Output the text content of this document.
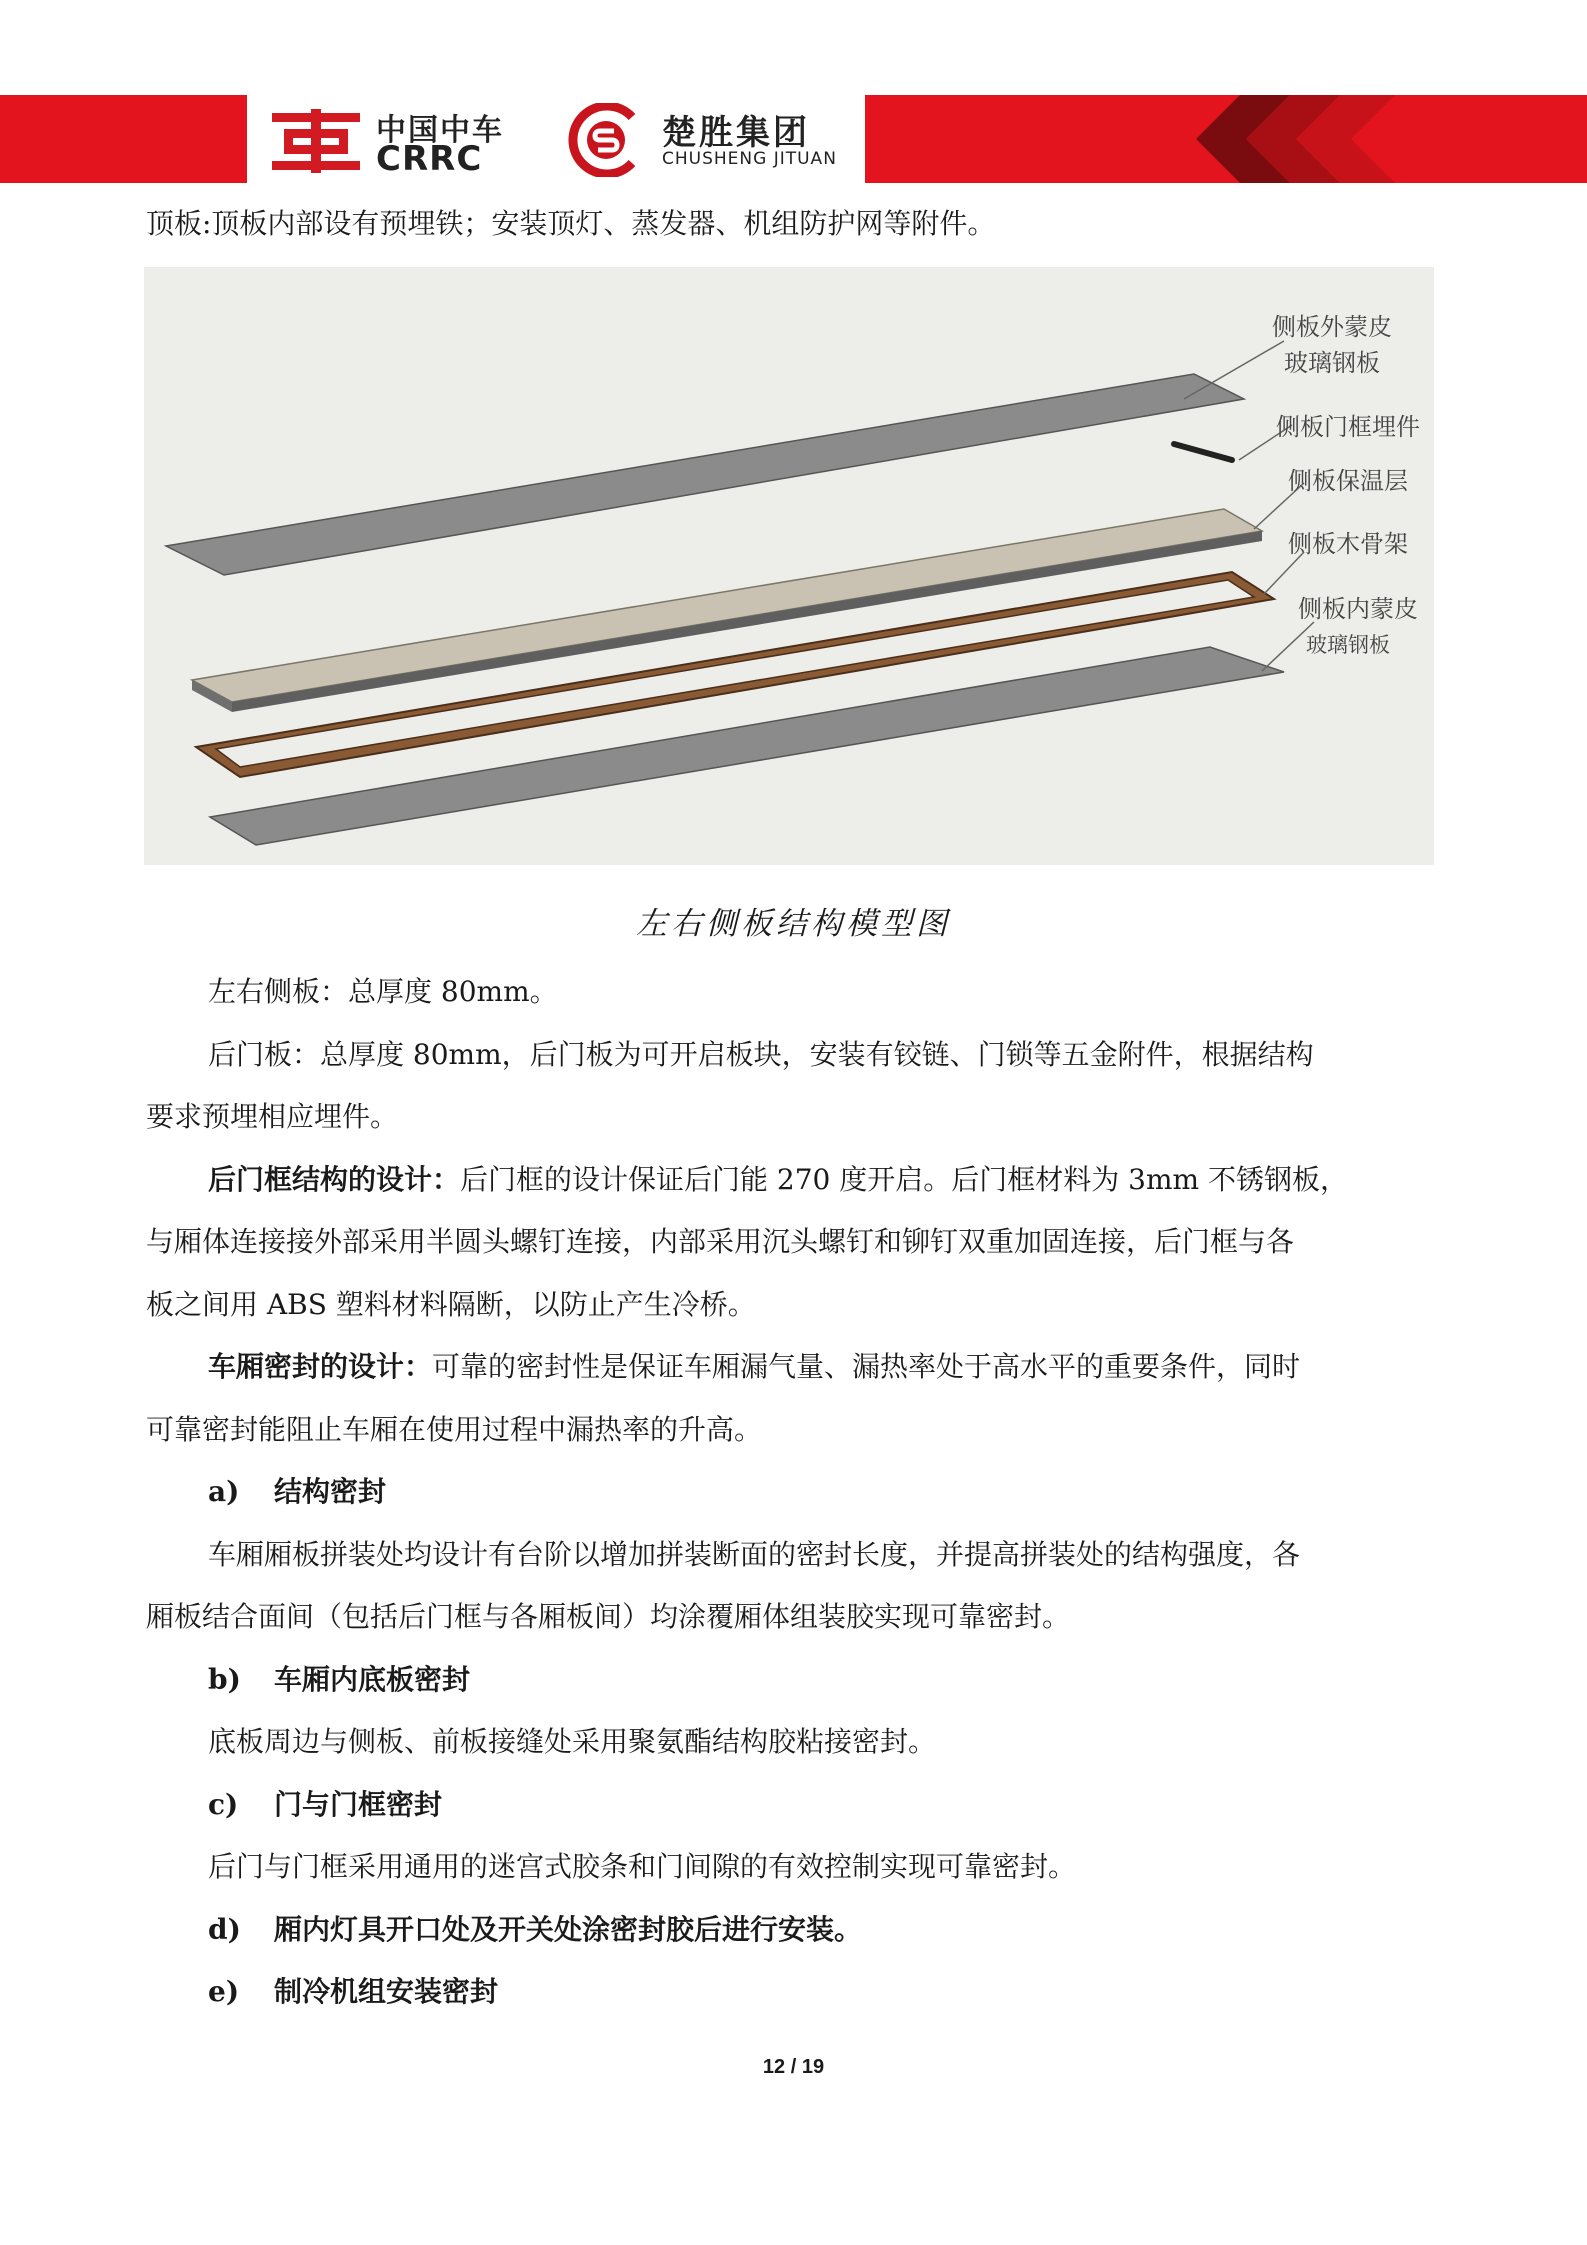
中国中车
CRRC
楚胜集团
CHUSHENG JITUAN
顶板:顶板内部设有预埋铁；安装顶灯、蒸发器、机组防护网等附件。
侧板外蒙皮
玻璃钢板
侧板门框埋件
侧板保温层
侧板木骨架
侧板内蒙皮
玻璃钢板
左右侧板结构模型图
左右侧板：总厚度 80mm。
后门板：总厚度 80mm，后门板为可开启板块，安装有铰链、门锁等五金附件，根据结构
要求预埋相应埋件。
后门框结构的设计：后门框的设计保证后门能 270 度开启。后门框材料为 3mm 不锈钢板，
与厢体连接接外部采用半圆头螺钉连接，内部采用沉头螺钉和铆钉双重加固连接，后门框与各
板之间用 ABS 塑料材料隔断，以防止产生冷桥。
车厢密封的设计：可靠的密封性是保证车厢漏气量、漏热率处于高水平的重要条件，同时
可靠密封能阻止车厢在使用过程中漏热率的升高。
a) 结构密封
车厢厢板拼装处均设计有台阶以增加拼装断面的密封长度，并提高拼装处的结构强度，各
厢板结合面间（包括后门框与各厢板间）均涂覆厢体组装胶实现可靠密封。
b) 车厢内底板密封
底板周边与侧板、前板接缝处采用聚氨酯结构胶粘接密封。
c) 门与门框密封
后门与门框采用通用的迷宫式胶条和门间隙的有效控制实现可靠密封。
d) 厢内灯具开口处及开关处涂密封胶后进行安装。
e) 制冷机组安装密封
12 / 19
